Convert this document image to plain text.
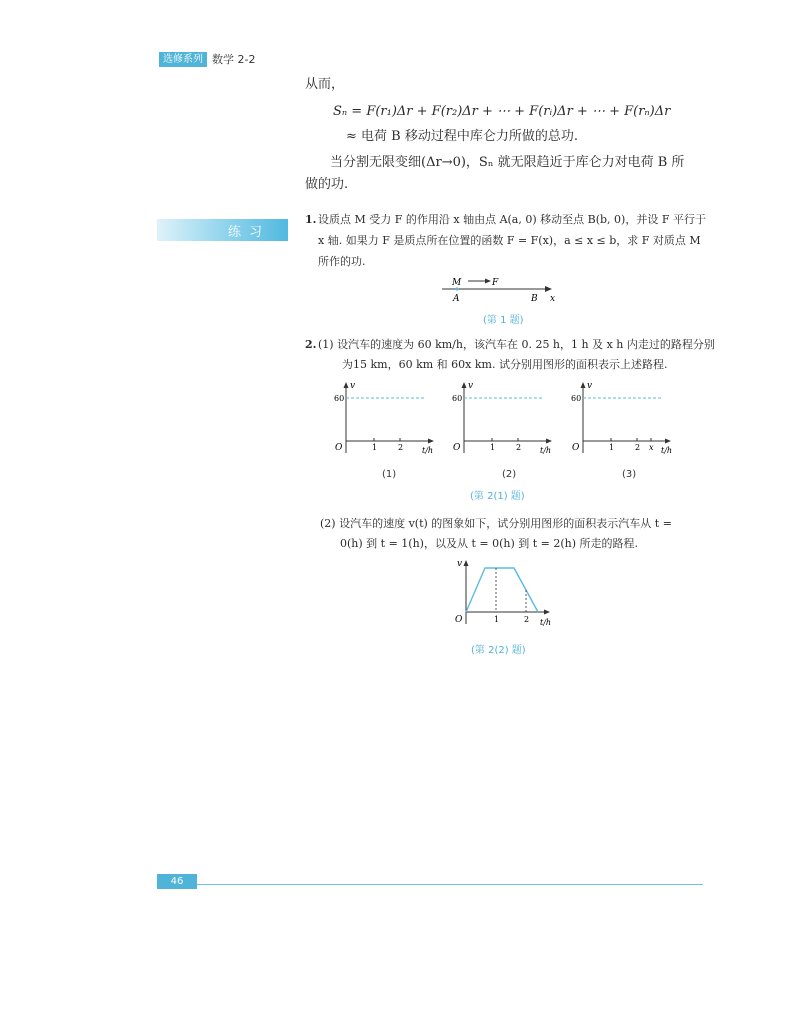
选修系列 数学 2-2
从而，
Sₙ = F(r₁)Δr + F(r₂)Δr + ⋯ + F(rᵢ)Δr + ⋯ + F(rₙ)Δr
≈ 电荷 B 移动过程中库仑力所做的总功.
当分割无限变细(Δr→0)，Sₙ 就无限趋近于库仑力对电荷 B 所
做的功.
练习
1. 设质点 M 受力 F 的作用沿 x 轴由点 A(a, 0) 移动至点 B(b, 0)，并设 F 平行于
x 轴. 如果力 F 是质点所在位置的函数 F = F(x)，a ≤ x ≤ b，求 F 对质点 M
所作的功.
M	F
A	B x
(第 1 题)
2. (1) 设汽车的速度为 60 km/h，该汽车在 0. 25 h，1 h 及 x h 内走过的路程分别
为15 km，60 km 和 60x km. 试分别用图形的面积表示上述路程.
v
60
O	1	2 t/h
(1)
v
60
O	1	2 t/h
(2)
v
60
O	1	2 x t/h
(3)
(第 2(1) 题)
(2) 设汽车的速度 v(t) 的图象如下，试分别用图形的面积表示汽车从 t =
0(h) 到 t = 1(h)，以及从 t = 0(h) 到 t = 2(h) 所走的路程.
v
O	1	2 t/h
(第 2(2) 题)
46
